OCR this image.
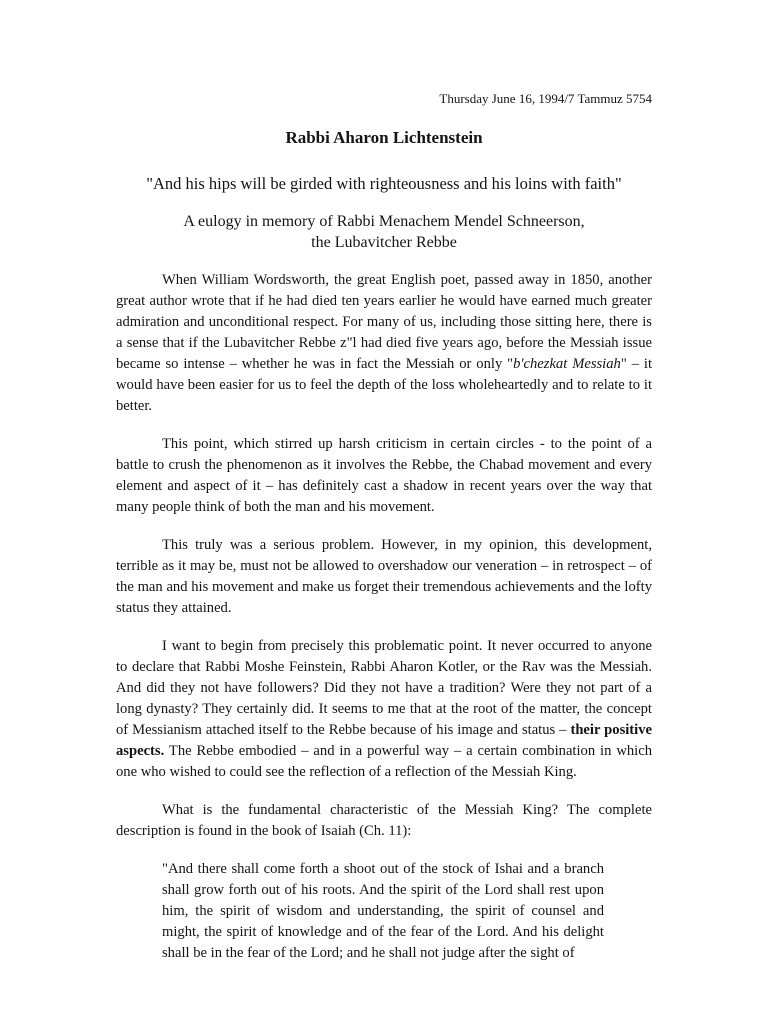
Thursday June 16, 1994/7 Tammuz 5754
Rabbi Aharon Lichtenstein

"And his hips will be girded with righteousness and his loins with faith"

A eulogy in memory of Rabbi Menachem Mendel Schneerson,
the Lubavitcher Rebbe

When William Wordsworth, the great English poet, passed away in 1850, another great author wrote that if he had died ten years earlier he would have earned much greater admiration and unconditional respect. For many of us, including those sitting here, there is a sense that if the Lubavitcher Rebbe z"l had died five years ago, before the Messiah issue became so intense – whether he was in fact the Messiah or only "b'chezkat Messiah" – it would have been easier for us to feel the depth of the loss wholeheartedly and to relate to it better.

This point, which stirred up harsh criticism in certain circles - to the point of a battle to crush the phenomenon as it involves the Rebbe, the Chabad movement and every element and aspect of it – has definitely cast a shadow in recent years over the way that many people think of both the man and his movement.

This truly was a serious problem. However, in my opinion, this development, terrible as it may be, must not be allowed to overshadow our veneration – in retrospect – of the man and his movement and make us forget their tremendous achievements and the lofty status they attained.

I want to begin from precisely this problematic point. It never occurred to anyone to declare that Rabbi Moshe Feinstein, Rabbi Aharon Kotler, or the Rav was the Messiah. And did they not have followers? Did they not have a tradition? Were they not part of a long dynasty? They certainly did. It seems to me that at the root of the matter, the concept of Messianism attached itself to the Rebbe because of his image and status – their positive aspects. The Rebbe embodied – and in a powerful way – a certain combination in which one who wished to could see the reflection of a reflection of the Messiah King.

What is the fundamental characteristic of the Messiah King? The complete description is found in the book of Isaiah (Ch. 11):

"And there shall come forth a shoot out of the stock of Ishai and a branch shall grow forth out of his roots. And the spirit of the Lord shall rest upon him, the spirit of wisdom and understanding, the spirit of counsel and might, the spirit of knowledge and of the fear of the Lord. And his delight shall be in the fear of the Lord; and he shall not judge after the sight of
